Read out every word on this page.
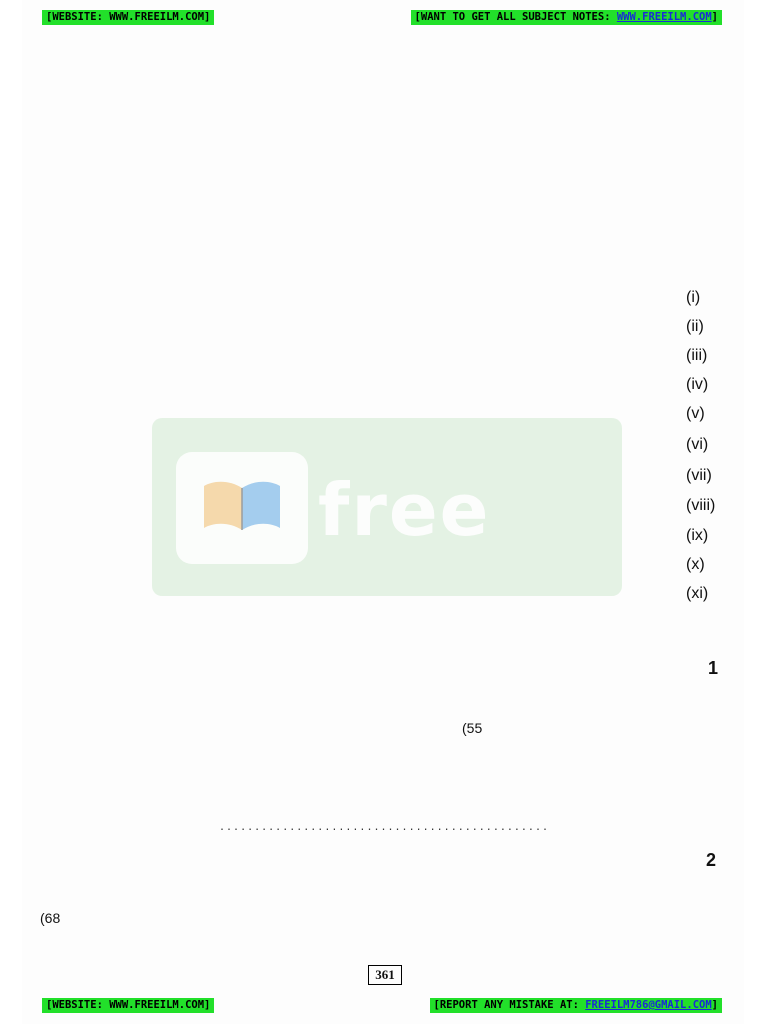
[WEBSITE: WWW.FREEILM.COM]	[WANT TO GET ALL SUBJECT NOTES: WWW.FREEILM.COM]
free
(i)
(ii)
(iii)
(iv)
(v)
(vi)
(vii)
(viii)
(ix)
(x)
(xi)
1
(55
...............................................
2
(68
361
[WEBSITE: WWW.FREEILM.COM]	[REPORT ANY MISTAKE AT: FREEILM786@GMAIL.COM]
